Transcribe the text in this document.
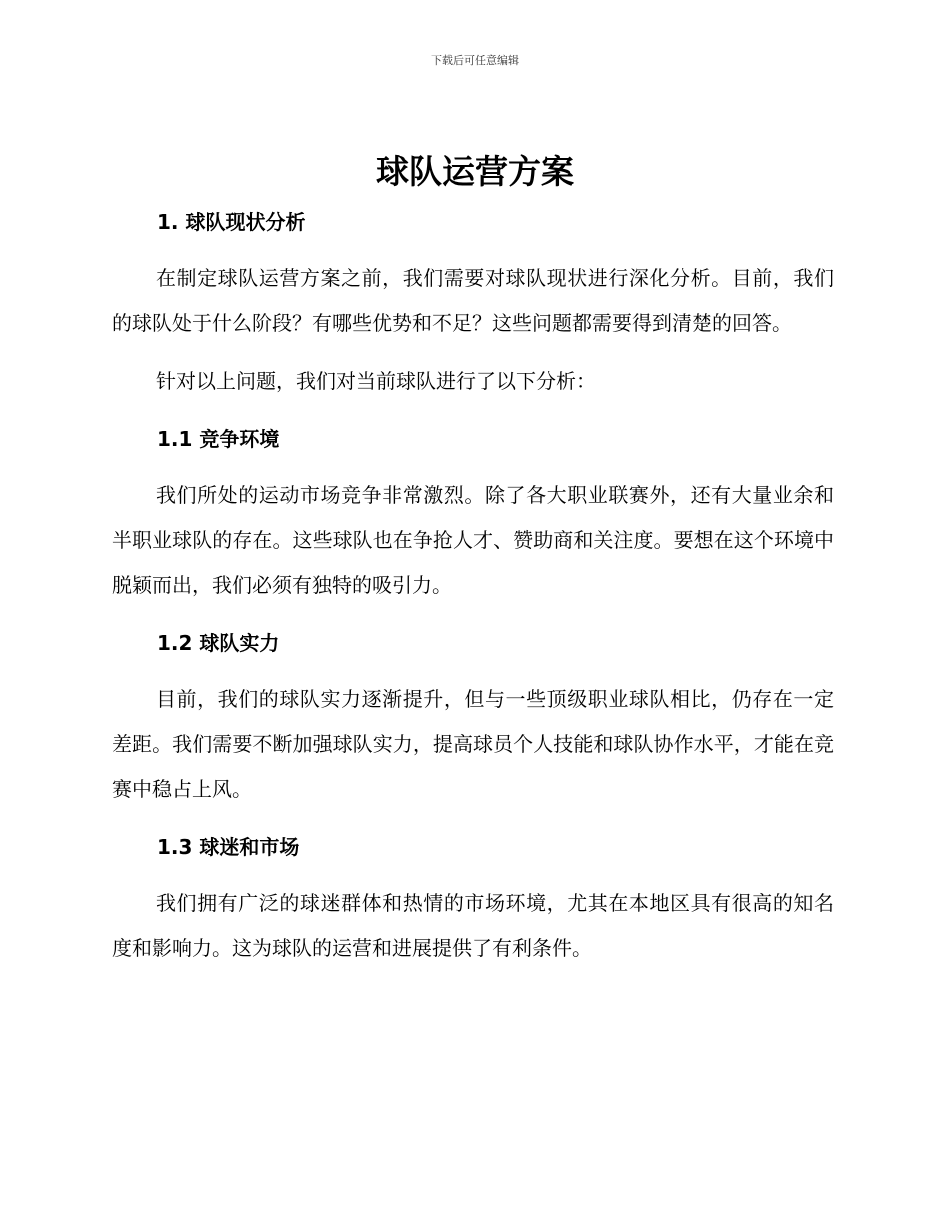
下载后可任意编辑
球队运营方案
1. 球队现状分析

在制定球队运营方案之前，我们需要对球队现状进行深化分析。目前，我们的球队处于什么阶段？有哪些优势和不足？这些问题都需要得到清楚的回答。

针对以上问题，我们对当前球队进行了以下分析：

1.1 竞争环境

我们所处的运动市场竞争非常激烈。除了各大职业联赛外，还有大量业余和半职业球队的存在。这些球队也在争抢人才、赞助商和关注度。要想在这个环境中脱颖而出，我们必须有独特的吸引力。

1.2 球队实力

目前，我们的球队实力逐渐提升，但与一些顶级职业球队相比，仍存在一定差距。我们需要不断加强球队实力，提高球员个人技能和球队协作水平，才能在竞赛中稳占上风。

1.3 球迷和市场

我们拥有广泛的球迷群体和热情的市场环境，尤其在本地区具有很高的知名度和影响力。这为球队的运营和进展提供了有利条件。
